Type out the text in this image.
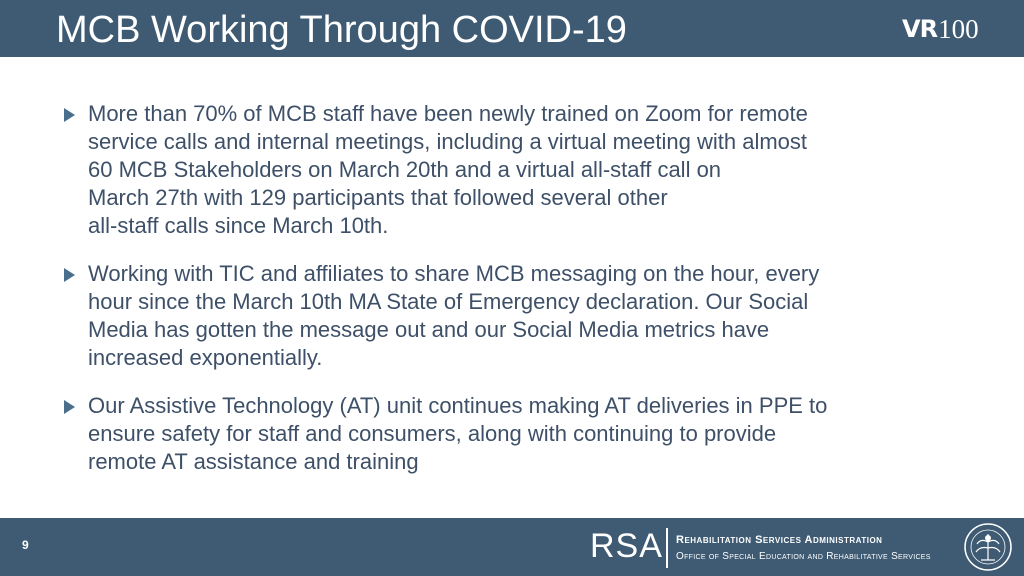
MCB Working Through COVID-19	VR 100
More than 70% of MCB staff have been newly trained on Zoom for remote
service calls and internal meetings, including a virtual meeting with almost
60 MCB Stakeholders on March 20th and a virtual all-staff call on
March 27th with 129 participants that followed several other
all-staff calls since March 10th.
Working with TIC and affiliates to share MCB messaging on the hour, every
hour since the March 10th MA State of Emergency declaration. Our Social
Media has gotten the message out and our Social Media metrics have
increased exponentially.
Our Assistive Technology (AT) unit continues making AT deliveries in PPE to
ensure safety for staff and consumers, along with continuing to provide
remote AT assistance and training
9	RSA Rehabilitation Services Administration
Office of Special Education and Rehabilitative Services
